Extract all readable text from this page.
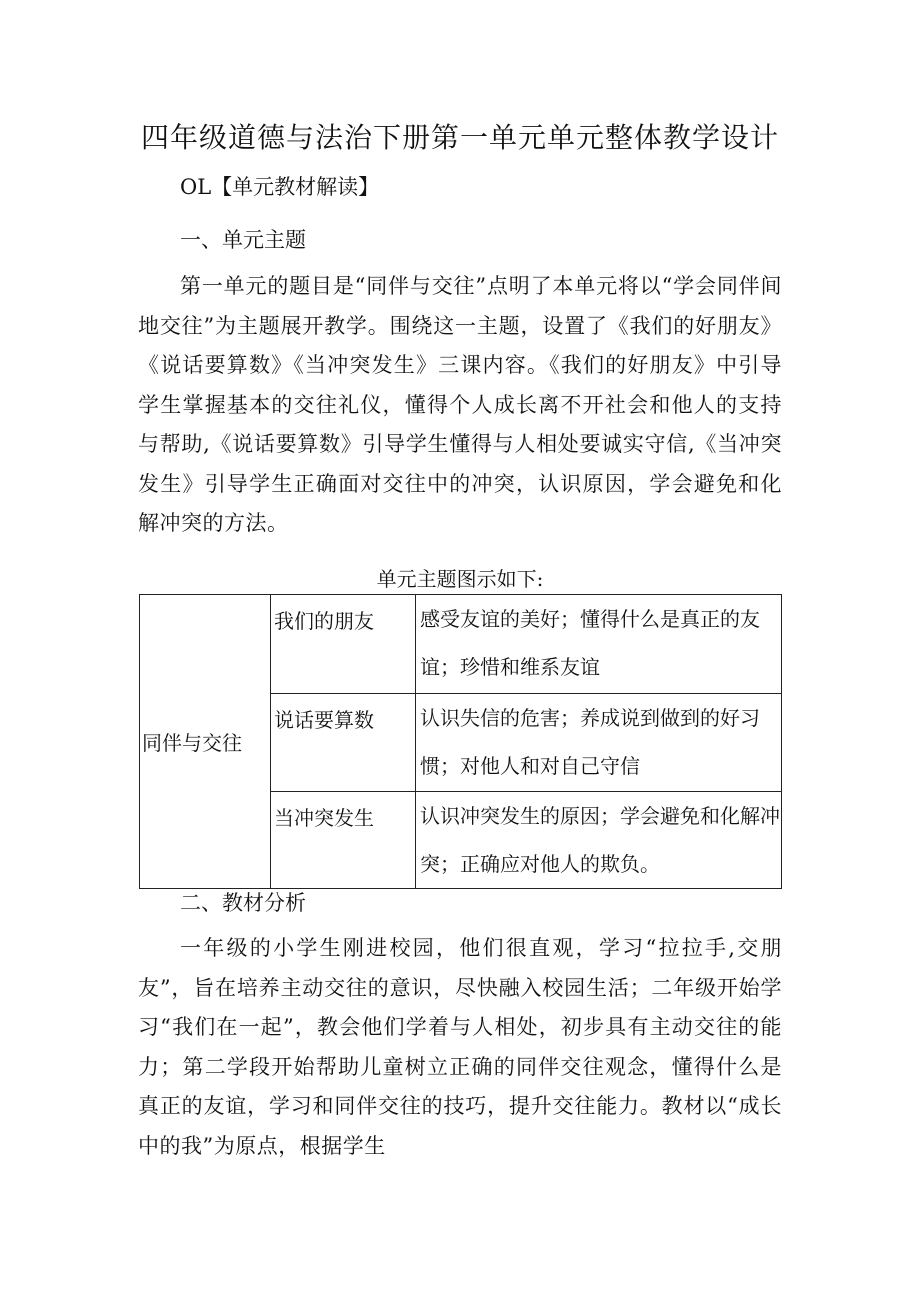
四年级道德与法治下册第一单元单元整体教学设计
OL【单元教材解读】
一、单元主题

第一单元的题目是“同伴与交往”点明了本单元将以“学会同伴间地交往”为主题展开教学。围绕这一主题，设置了《我们的好朋友》《说话要算数》《当冲突发生》三课内容。《我们的好朋友》中引导学生掌握基本的交往礼仪，懂得个人成长离不开社会和他人的支持与帮助,《说话要算数》引导学生懂得与人相处要诚实守信,《当冲突发生》引导学生正确面对交往中的冲突，认识原因，学会避免和化解冲突的方法。

单元主题图示如下:
同伴与交往	我们的朋友	感受友谊的美好；懂得什么是真正的友谊；珍惜和维系友谊

	说话要算数	认识失信的危害；养成说到做到的好习惯；对他人和对自己守信

	当冲突发生	认识冲突发生的原因；学会避免和化解冲突；正确应对他人的欺负。
二、教材分析

一年级的小学生刚进校园，他们很直观，学习“拉拉手,交朋友”，旨在培养主动交往的意识，尽快融入校园生活；二年级开始学习“我们在一起”，教会他们学着与人相处，初步具有主动交往的能力；第二学段开始帮助儿童树立正确的同伴交往观念，懂得什么是真正的友谊，学习和同伴交往的技巧，提升交往能力。教材以“成长中的我”为原点，根据学生
